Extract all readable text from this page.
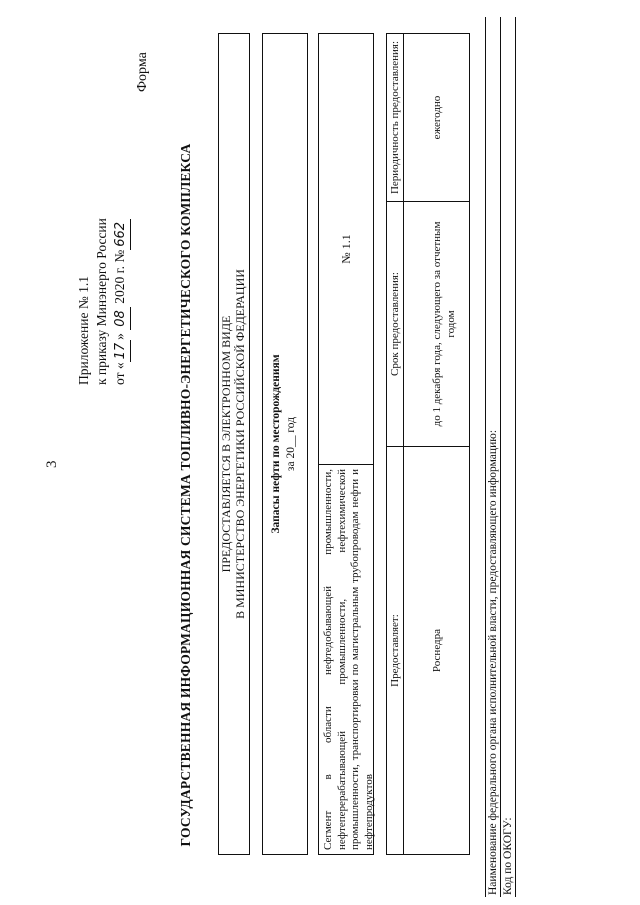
3
Приложение № 1.1 к приказу Минэнерго России от «17» 08 2020 г. №662
Форма
ГОСУДАРСТВЕННАЯ ИНФОРМАЦИОННАЯ СИСТЕМА ТОПЛИВНО-ЭНЕРГЕТИЧЕСКОГО КОМПЛЕКСА ПРЕДОСТАВЛЯЕТСЯ В ЭЛЕКТРОННОМ ВИДЕ В МИНИСТЕРСТВО ЭНЕРГЕТИКИ РОССИЙСКОЙ ФЕДЕРАЦИИ	Запасы нефти по месторождениям за 20__ год
Сегмент в области нефтедобывающей промышленности, нефтеперерабатывающей промышленности, нефтехимической промышленности, транспортировки по магистральным трубопроводам нефти и нефтепродуктов
№ 1.1
Предоставляет:	Роснедра
Срок предоставления:	до 1 декабря года, следующего за отчетным годом
Периодичность предоставления:	ежегодно
Наименование федерального органа исполнительной власти, предоставляющего информацию: Код по ОКОГУ:
